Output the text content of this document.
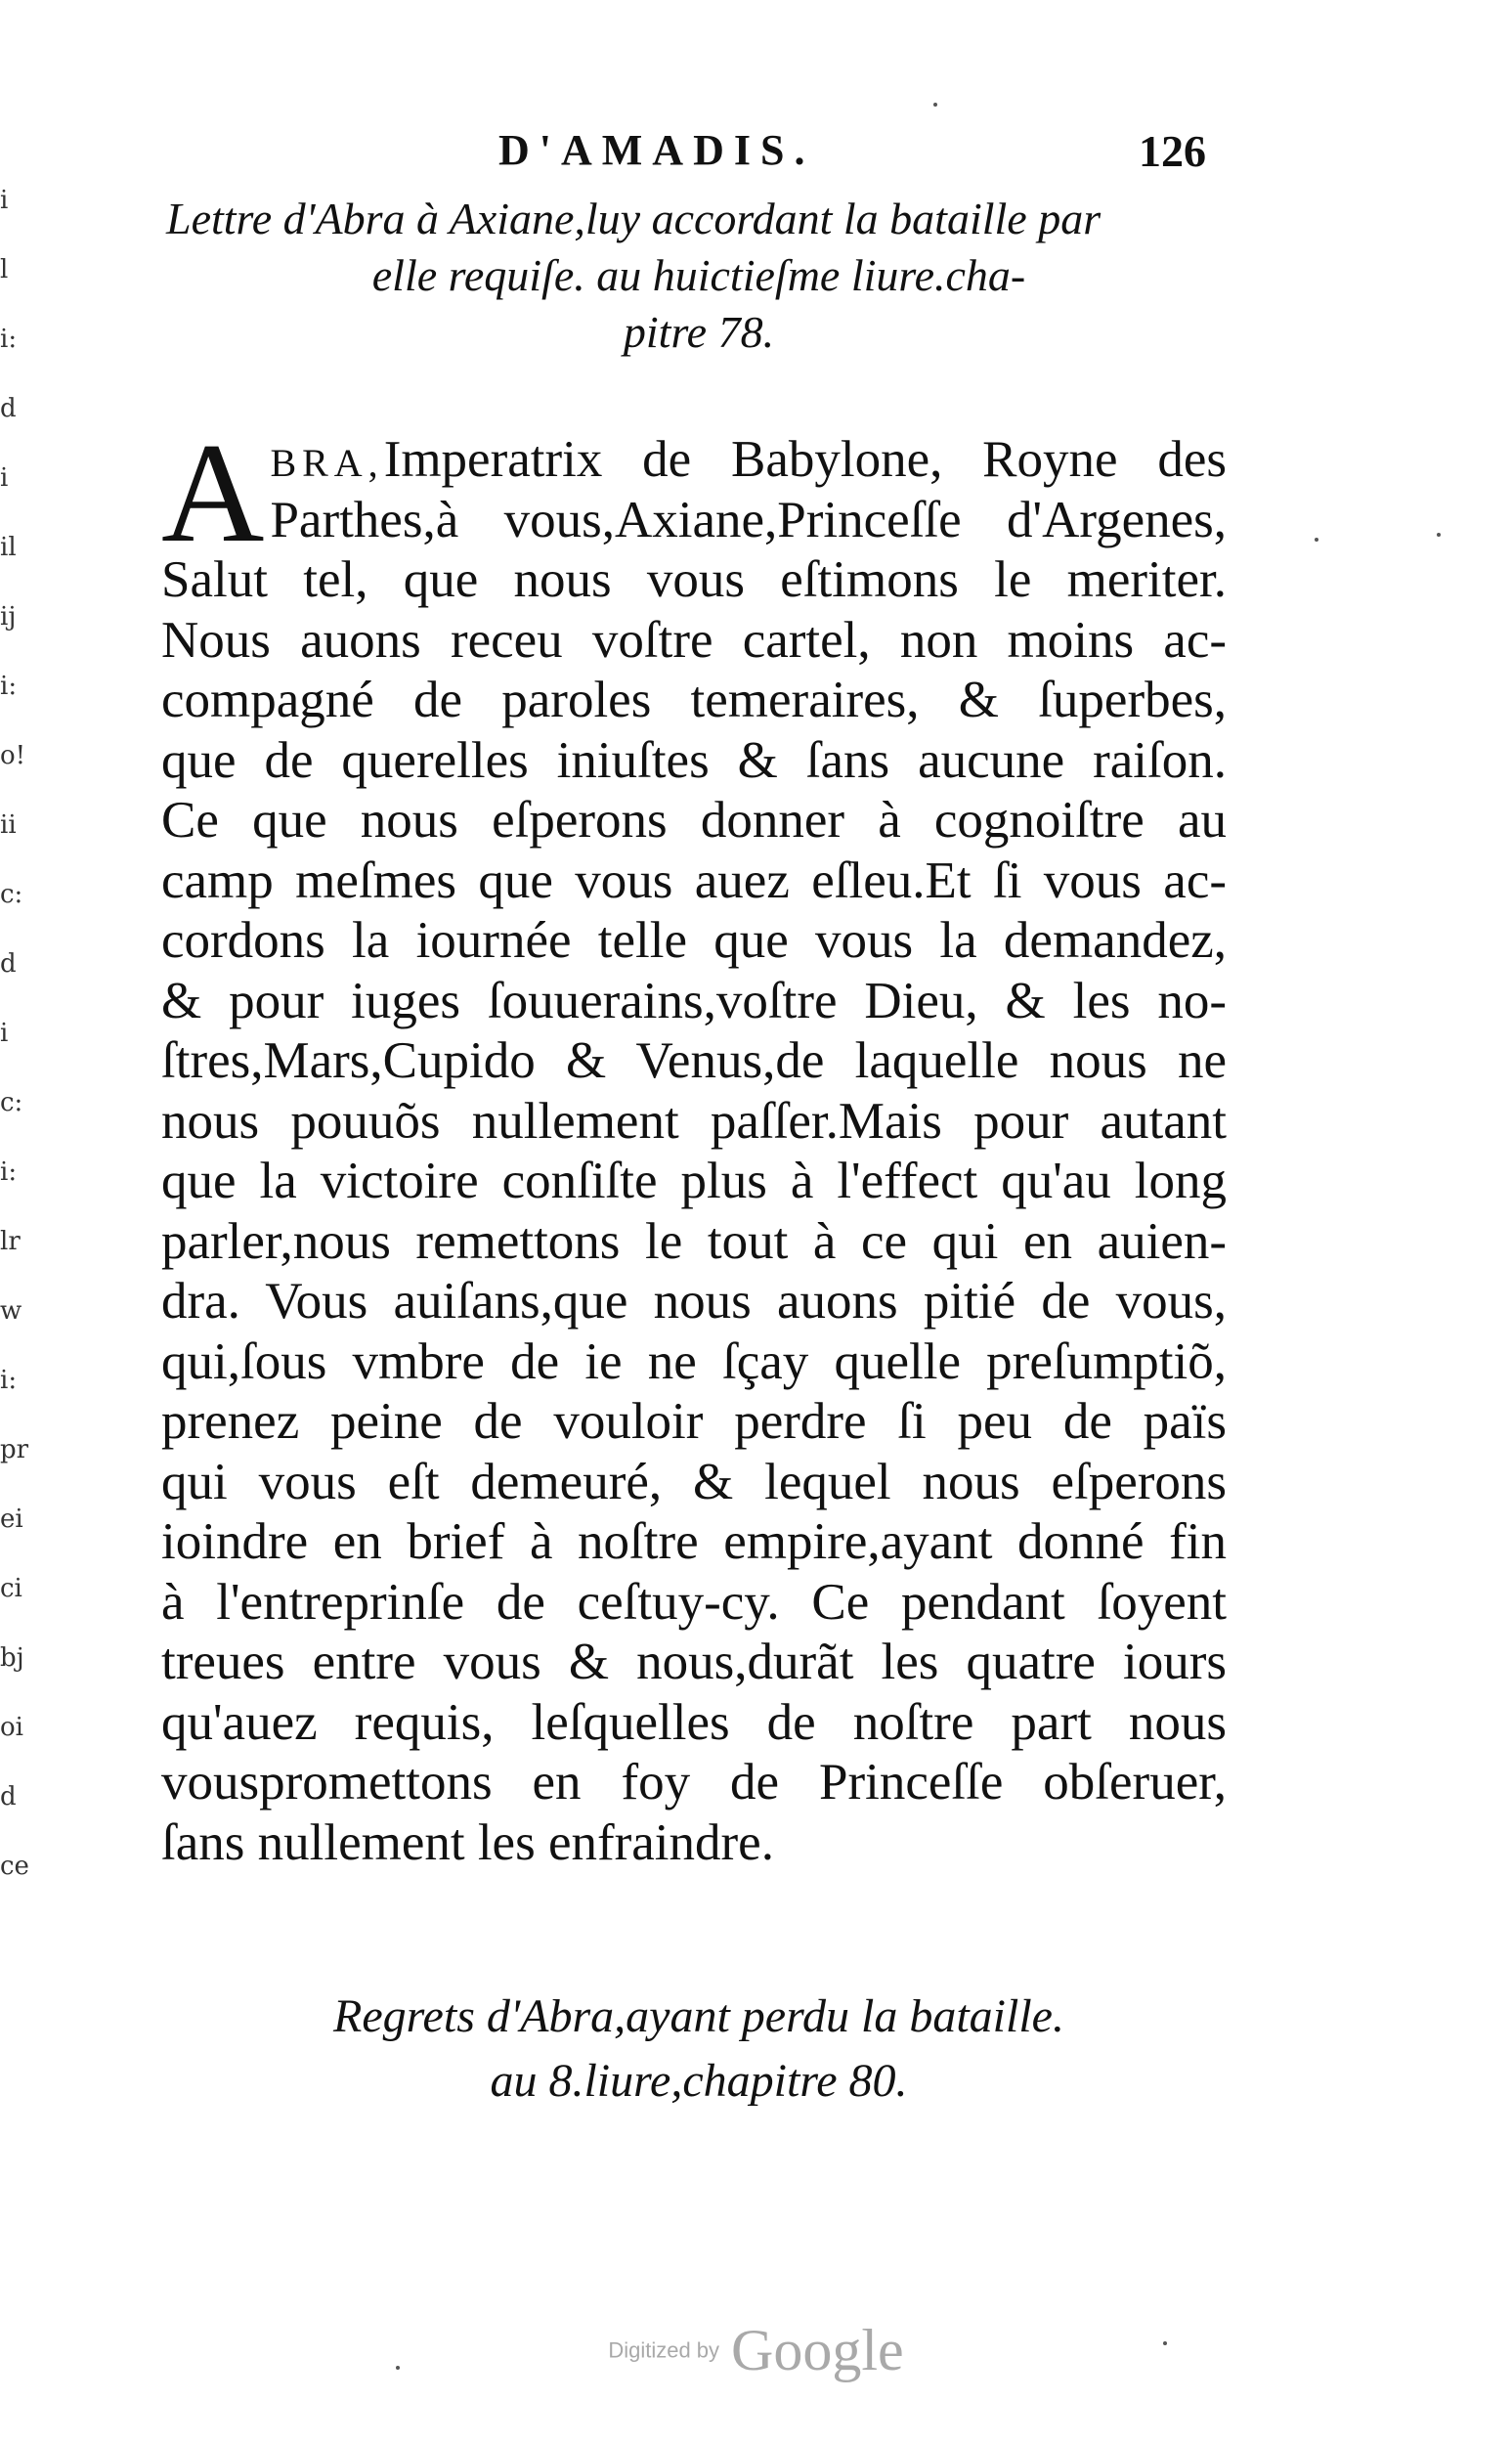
i
l
i:
d
i
il
ij
i:
o!
ii
c:
d
i
c:
i:
lr
w
i:
pr
ei
ci
bj
oi
d
ce
D'AMADIS.	126
Lettre d'Abra à Axiane,luy accordant la bataille par
elle requiſe. au huictieſme liure.cha-
pitre 78.
A BRA,Imperatrix de Babylone, Royne des
Parthes,à vous,Axiane,Princeſſe d'Argenes,
Salut tel, que nous vous eſtimons le meriter.
Nous auons receu voſtre cartel, non moins ac-
compagné de paroles temeraires, & ſuperbes,
que de querelles iniuſtes & ſans aucune raiſon.
Ce que nous eſperons donner à cognoiſtre au
camp meſmes que vous auez eſleu.Et ſi vous ac-
cordons la iournée telle que vous la demandez,
& pour iuges ſouuerains,voſtre Dieu, & les no-
ſtres,Mars,Cupido & Venus,de laquelle nous ne
nous pouuõs nullement paſſer.Mais pour autant
que la victoire conſiſte plus à l'effect qu'au long
parler,nous remettons le tout à ce qui en auien-
dra. Vous auiſans,que nous auons pitié de vous,
qui,ſous vmbre de ie ne ſçay quelle preſumptiõ,
prenez peine de vouloir perdre ſi peu de païs
qui vous eſt demeuré, & lequel nous eſperons
ioindre en brief à noſtre empire,ayant donné fin
à l'entreprinſe de ceſtuy-cy. Ce pendant ſoyent
treues entre vous & nous,durãt les quatre iours
qu'auez requis, leſquelles de noſtre part nous
vouspromettons en foy de Princeſſe obſeruer,
ſans nullement les enfraindre.
Regrets d'Abra,ayant perdu la bataille.
au 8.liure,chapitre 80.
Digitized by Google
